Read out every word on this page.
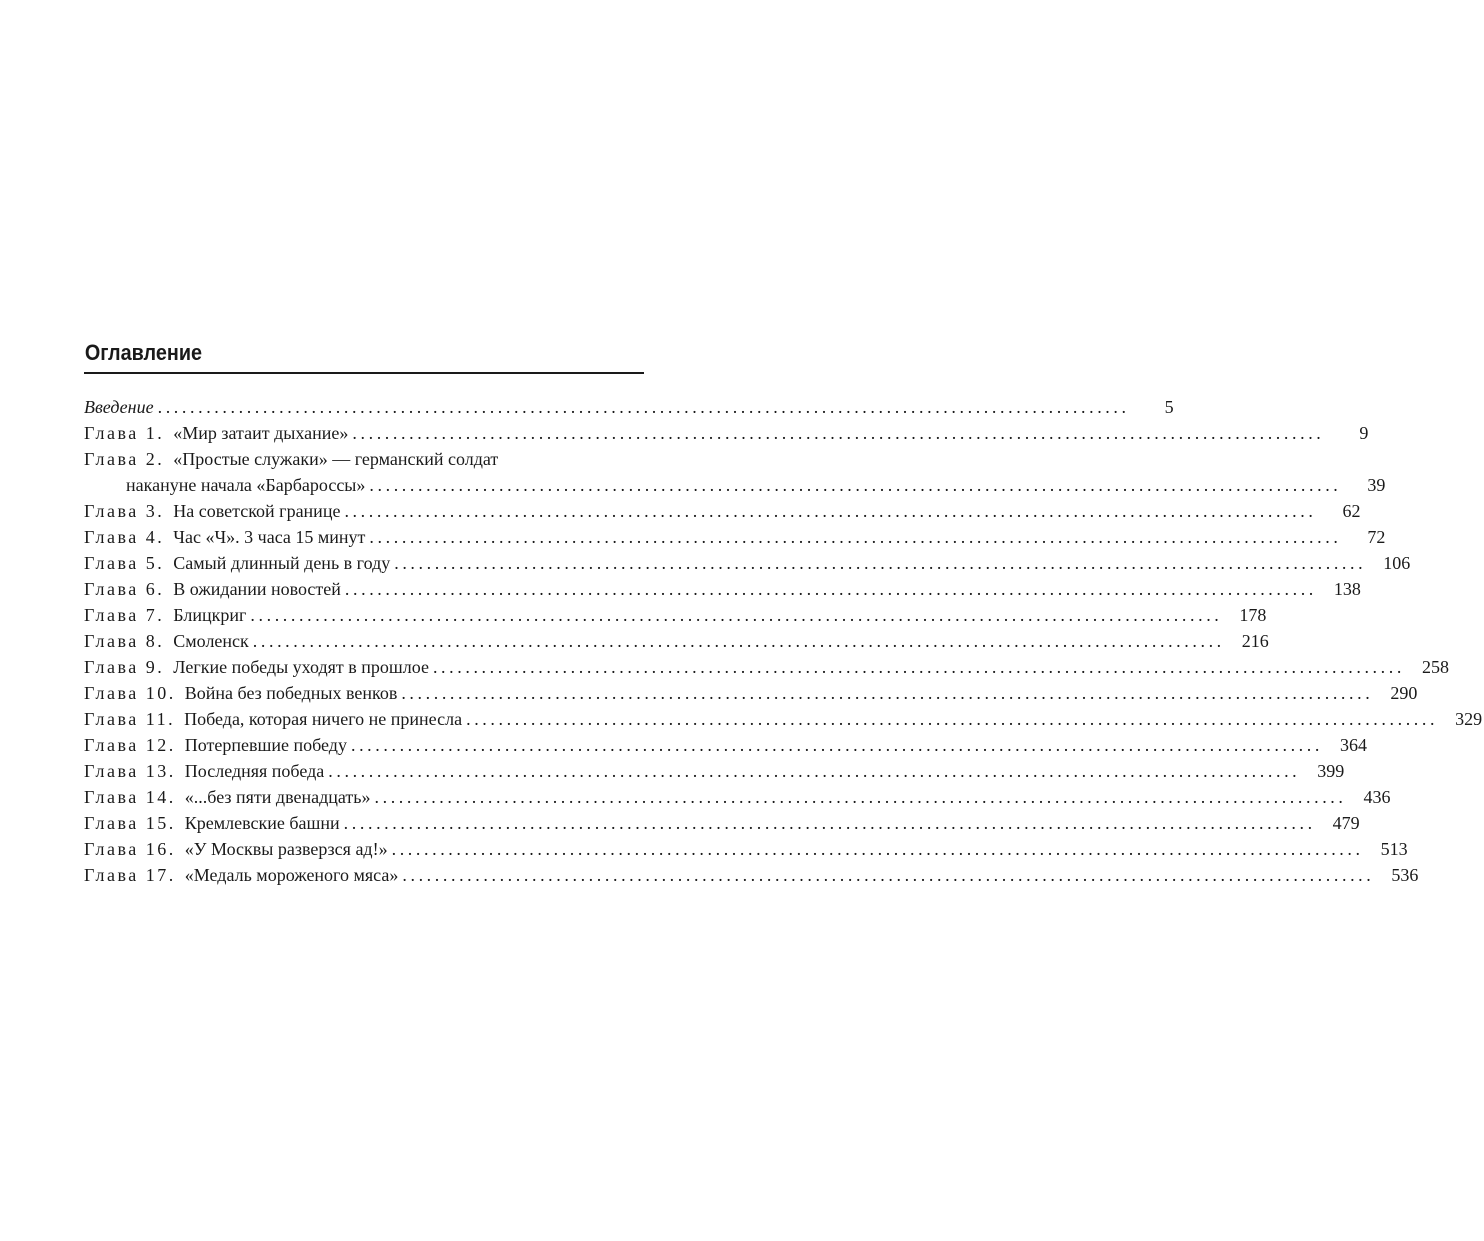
Оглавление
Введение ........................................................................................................................	5
Глава 1. «Мир затаит дыхание» ........................................................................................................................	9
Глава 2. «Простые служаки» — германский солдат
накануне начала «Барбароссы» ........................................................................................................................	39
Глава 3. На советской границе ........................................................................................................................	62
Глава 4. Час «Ч». 3 часа 15 минут ........................................................................................................................	72
Глава 5. Самый длинный день в году ........................................................................................................................ 106
Глава 6. В ожидании новостей ........................................................................................................................ 138
Глава 7. Блицкриг ........................................................................................................................ 178
Глава 8. Смоленск ........................................................................................................................ 216
Глава 9. Легкие победы уходят в прошлое ........................................................................................................................ 258
Глава 10. Война без победных венков ........................................................................................................................ 290
Глава 11. Победа, которая ничего не принесла ........................................................................................................................ 329
Глава 12. Потерпевшие победу ........................................................................................................................ 364
Глава 13. Последняя победа ........................................................................................................................ 399
Глава 14. «...без пяти двенадцать» ........................................................................................................................ 436
Глава 15. Кремлевские башни ........................................................................................................................ 479
Глава 16. «У Москвы разверзся ад!» ........................................................................................................................ 513
Глава 17. «Медаль мороженого мяса» ........................................................................................................................ 536
